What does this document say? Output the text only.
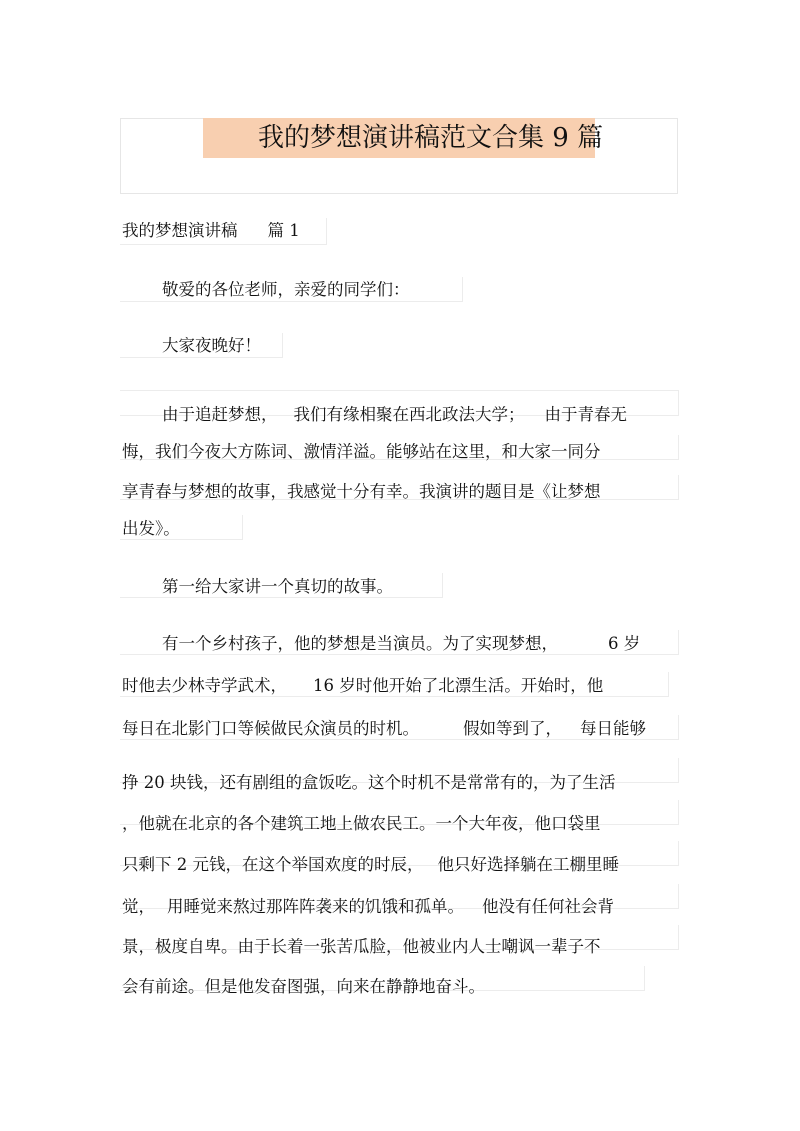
我的梦想演讲稿范文合集 9 篇
我的梦想演讲稿 篇 1
敬爱的各位老师，亲爱的同学们：
大家夜晚好！
由于追赶梦想， 我们有缘相聚在西北政法大学； 由于青春无
悔，我们今夜大方陈词、激情洋溢。能够站在这里，和大家一同分
享青春与梦想的故事，我感觉十分有幸。我演讲的题目是《让梦想
出发》。
第一给大家讲一个真切的故事。
有一个乡村孩子，他的梦想是当演员。为了实现梦想，	6 岁
时他去少林寺学武术， 16 岁时他开始了北漂生活。开始时，他
每日在北影门口等候做民众演员的时机。	假如等到了， 每日能够
挣 20 块钱，还有剧组的盒饭吃。这个时机不是常常有的，为了生活
，他就在北京的各个建筑工地上做农民工。一个大年夜，他口袋里
只剩下 2 元钱，在这个举国欢度的时辰， 他只好选择躺在工棚里睡
觉， 用睡觉来熬过那阵阵袭来的饥饿和孤单。 他没有任何社会背
景，极度自卑。由于长着一张苦瓜脸，他被业内人士嘲讽一辈子不
会有前途。但是他发奋图强，向来在静静地奋斗。
